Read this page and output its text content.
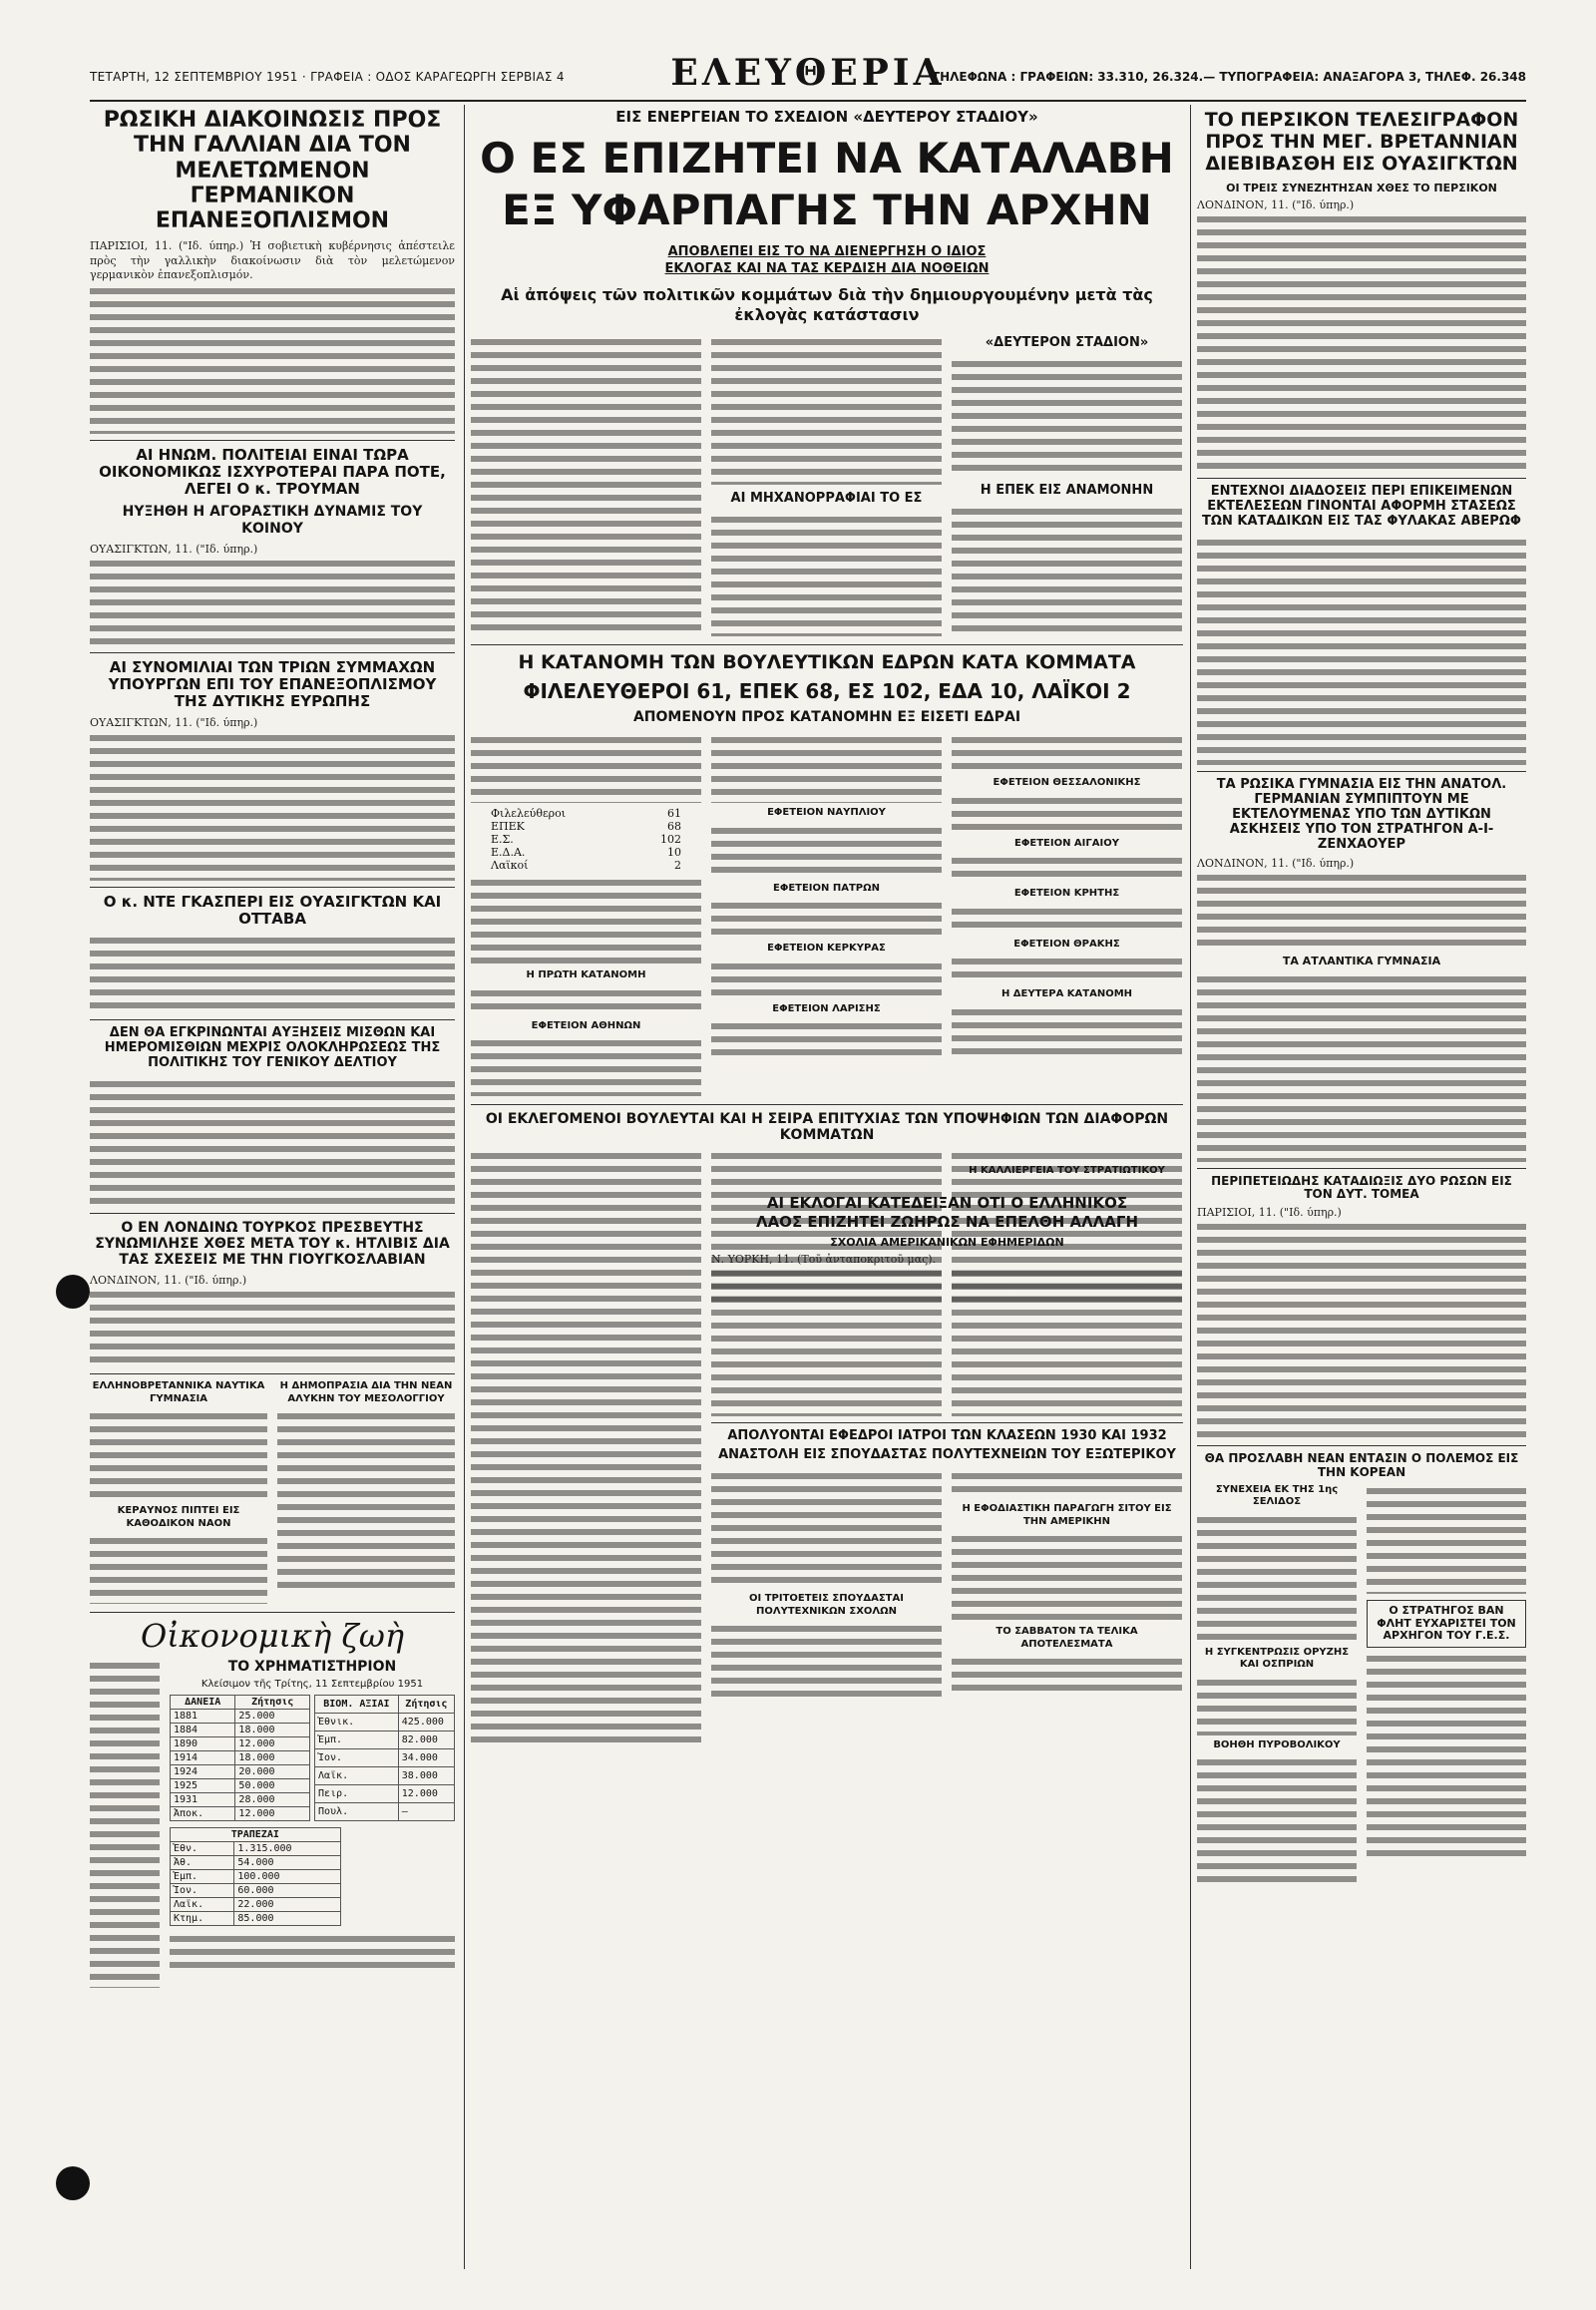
ΤΕΤΑΡΤΗ, 12 ΣΕΠΤΕΜΒΡΙΟΥ 1951 · ΓΡΑΦΕΙΑ : ΟΔΟΣ ΚΑΡΑΓΕΩΡΓΗ ΣΕΡΒΙΑΣ 4	ΕΛΕΥΘΕΡΙΑ
ΤΗΛΕΦΩΝΑ : ΓΡΑΦΕΙΩΝ: 33.310, 26.324.— ΤΥΠΟΓΡΑΦΕΙΑ: ΑΝΑΞΑΓΟΡΑ 3, ΤΗΛΕΦ. 26.348
ΡΩΣΙΚΗ ΔΙΑΚΟΙΝΩΣΙΣ ΠΡΟΣ ΤΗΝ ΓΑΛΛΙΑΝ ΔΙΑ ΤΟΝ ΜΕΛΕΤΩΜΕΝΟΝ ΓΕΡΜΑΝΙΚΟΝ ΕΠΑΝΕΞΟΠΛΙΣΜΟΝ

ΠΑΡΙΣΙΟΙ, 11. ("Ιδ. ύπηρ.) Ἡ σοβιετικὴ κυβέρνησις ἀπέστειλε πρὸς τὴν γαλλικὴν διακοίνωσιν διὰ τὸν μελετώμενον γερμανικὸν ἐπανεξοπλισμόν.

ΑΙ ΗΝΩΜ. ΠΟΛΙΤΕΙΑΙ ΕΙΝΑΙ ΤΩΡΑ ΟΙΚΟΝΟΜΙΚΩΣ ΙΣΧΥΡΟΤΕΡΑΙ ΠΑΡΑ ΠΟΤΕ, ΛΕΓΕΙ Ο κ. ΤΡΟΥΜΑΝ
ΗΥΞΗΘΗ Η ΑΓΟΡΑΣΤΙΚΗ ΔΥΝΑΜΙΣ ΤΟΥ ΚΟΙΝΟΥ

ΟΥΑΣΙΓΚΤΩΝ, 11. ("Ιδ. ύπηρ.)

ΑΙ ΣΥΝΟΜΙΛΙΑΙ ΤΩΝ ΤΡΙΩΝ ΣΥΜΜΑΧΩΝ ΥΠΟΥΡΓΩΝ ΕΠΙ ΤΟΥ ΕΠΑΝΕΞΟΠΛΙΣΜΟΥ ΤΗΣ ΔΥΤΙΚΗΣ ΕΥΡΩΠΗΣ

ΟΥΑΣΙΓΚΤΩΝ, 11. ("Ιδ. ύπηρ.)

Ο κ. ΝΤΕ ΓΚΑΣΠΕΡΙ ΕΙΣ ΟΥΑΣΙΓΚΤΩΝ ΚΑΙ ΟΤΤΑΒΑ
ΔΕΝ ΘΑ ΕΓΚΡΙΝΩΝΤΑΙ ΑΥΞΗΣΕΙΣ ΜΙΣΘΩΝ ΚΑΙ ΗΜΕΡΟΜΙΣΘΙΩΝ ΜΕΧΡΙΣ ΟΛΟΚΛΗΡΩΣΕΩΣ ΤΗΣ ΠΟΛΙΤΙΚΗΣ ΤΟΥ ΓΕΝΙΚΟΥ ΔΕΛΤΙΟΥ
Ο ΕΝ ΛΟΝΔΙΝΩ ΤΟΥΡΚΟΣ ΠΡΕΣΒΕΥΤΗΣ ΣΥΝΩΜΙΛΗΣΕ ΧΘΕΣ ΜΕΤΑ ΤΟΥ κ. ΗΤΛΙΒΙΣ ΔΙΑ ΤΑΣ ΣΧΕΣΕΙΣ ΜΕ ΤΗΝ ΓΙΟΥΓΚΟΣΛΑΒΙΑΝ

ΛΟΝΔΙΝΟΝ, 11. ("Ιδ. ύπηρ.)

ΕΛΛΗΝΟΒΡΕΤΑΝΝΙΚΑ ΝΑΥΤΙΚΑ ΓΥΜΝΑΣΙΑ
ΚΕΡΑΥΝΟΣ ΠΙΠΤΕΙ ΕΙΣ ΚΑΘΟΔΙΚΟΝ ΝΑΟΝ
Η ΔΗΜΟΠΡΑΣΙΑ ΔΙΑ ΤΗΝ ΝΕΑΝ ΑΛΥΚΗΝ ΤΟΥ ΜΕΣΟΛΟΓΓΙΟΥ
Οἰκονομικὴ ζωὴ
ΤΟ ΧΡΗΜΑΤΙΣΤΗΡΙΟΝ
Κλείσιμον τῆς Τρίτης, 11 Σεπτεμβρίου 1951
ΔΑΝΕΙΑ	Ζήτησις
1881	25.000
1884	18.000
1890	12.000
1914	18.000
1924	20.000
1925	50.000
1931	28.000
Ἀποκ.	12.000
ΒΙΟΜ. ΑΞΙΑΙ	Ζήτησις
Ἐθνικ.	425.000
Ἐμπ.	82.000
Ἰον.	34.000
Λαϊκ.	38.000
Πειρ.	12.000
Πουλ.	—
ΤΡΑΠΕΖΑΙ	
Ἐθν.	1.315.000
Ἀθ.	54.000
Ἐμπ.	100.000
Ἰον.	60.000
Λαϊκ.	22.000
Κτημ.	85.000
ΕΙΣ ΕΝΕΡΓΕΙΑΝ ΤΟ ΣΧΕΔΙΟΝ «ΔΕΥΤΕΡΟΥ ΣΤΑΔΙΟΥ»
Ο ΕΣ ΕΠΙΖΗΤΕΙ ΝΑ ΚΑΤΑΛΑΒΗ
ΕΞ ΥΦΑΡΠΑΓΗΣ ΤΗΝ ΑΡΧΗΝ
ΑΠΟΒΛΕΠΕΙ ΕΙΣ ΤΟ ΝΑ ΔΙΕΝΕΡΓΗΣΗ Ο ΙΔΙΟΣ
ΕΚΛΟΓΑΣ ΚΑΙ ΝΑ ΤΑΣ ΚΕΡΔΙΣΗ ΔΙΑ ΝΟΘΕΙΩΝ
Αἱ ἀπόψεις τῶν πολιτικῶν κομμάτων διὰ τὴν δημιουργουμένην μετὰ τὰς ἐκλογὰς κατάστασιν
ΑΙ ΜΗΧΑΝΟΡΡΑΦΙΑΙ ΤΟ ΕΣ
«ΔΕΥΤΕΡΟΝ ΣΤΑΔΙΟΝ»
Η ΕΠΕΚ ΕΙΣ ΑΝΑΜΟΝΗΝ
Η ΚΑΤΑΝΟΜΗ ΤΩΝ ΒΟΥΛΕΥΤΙΚΩΝ ΕΔΡΩΝ ΚΑΤΑ ΚΟΜΜΑΤΑ
ΦΙΛΕΛΕΥΘΕΡΟΙ 61, ΕΠΕΚ 68, ΕΣ 102, ΕΔΑ 10, ΛΑΪΚΟΙ 2
ΑΠΟΜΕΝΟΥΝ ΠΡΟΣ ΚΑΤΑΝΟΜΗΝ ΕΞ ΕΙΣΕΤΙ ΕΔΡΑΙ
Φιλελεύθεροι	61
ΕΠΕΚ	68
Ε.Σ.	102
Ε.Δ.Α.	10
Λαϊκοί	2
Η ΠΡΩΤΗ ΚΑΤΑΝΟΜΗ
ΕΦΕΤΕΙΟΝ ΑΘΗΝΩΝ
ΕΦΕΤΕΙΟΝ ΝΑΥΠΛΙΟΥ
ΕΦΕΤΕΙΟΝ ΠΑΤΡΩΝ
ΕΦΕΤΕΙΟΝ ΚΕΡΚΥΡΑΣ
ΕΦΕΤΕΙΟΝ ΛΑΡΙΣΗΣ
ΕΦΕΤΕΙΟΝ ΘΕΣΣΑΛΟΝΙΚΗΣ
ΕΦΕΤΕΙΟΝ ΑΙΓΑΙΟΥ
ΕΦΕΤΕΙΟΝ ΚΡΗΤΗΣ
ΕΦΕΤΕΙΟΝ ΘΡΑΚΗΣ
Η ΔΕΥΤΕΡΑ ΚΑΤΑΝΟΜΗ
ΟΙ ΕΚΛΕΓΟΜΕΝΟΙ ΒΟΥΛΕΥΤΑΙ ΚΑΙ Η ΣΕΙΡΑ ΕΠΙΤΥΧΙΑΣ ΤΩΝ ΥΠΟΨΗΦΙΩΝ ΤΩΝ ΔΙΑΦΟΡΩΝ ΚΟΜΜΑΤΩΝ
ΑΙ ΕΚΛΟΓΑΙ ΚΑΤΕΔΕΙΞΑΝ ΟΤΙ Ο ΕΛΛΗΝΙΚΟΣ
ΛΑΟΣ ΕΠΙΖΗΤΕΙ ΖΩΗΡΩΣ ΝΑ ΕΠΕΛΘΗ ΑΛΛΑΓΗ
ΣΧΟΛΙΑ ΑΜΕΡΙΚΑΝΙΚΩΝ ΕΦΗΜΕΡΙΔΩΝ

Ν. ΥΟΡΚΗ, 11. (Τοῦ ἀνταποκριτοῦ μας).

ΑΠΟΛΥΟΝΤΑΙ ΕΦΕΔΡΟΙ ΙΑΤΡΟΙ ΤΩΝ ΚΛΑΣΕΩΝ 1930 ΚΑΙ 1932
ΑΝΑΣΤΟΛΗ ΕΙΣ ΣΠΟΥΔΑΣΤΑΣ ΠΟΛΥΤΕΧΝΕΙΩΝ ΤΟΥ ΕΞΩΤΕΡΙΚΟΥ
ΟΙ ΤΡΙΤΟΕΤΕΙΣ ΣΠΟΥΔΑΣΤΑΙ ΠΟΛΥΤΕΧΝΙΚΩΝ ΣΧΟΛΩΝ
Η ΕΦΟΔΙΑΣΤΙΚΗ ΠΑΡΑΓΩΓΗ ΣΙΤΟΥ ΕΙΣ ΤΗΝ ΑΜΕΡΙΚΗΝ
ΤΟ ΣΑΒΒΑΤΟΝ ΤΑ ΤΕΛΙΚΑ ΑΠΟΤΕΛΕΣΜΑΤΑ
Η ΚΑΛΛΙΕΡΓΕΙΑ ΤΟΥ ΣΤΡΑΤΙΩΤΙΚΟΥ
ΤΟ ΠΕΡΣΙΚΟΝ ΤΕΛΕΣΙΓΡΑΦΟΝ ΠΡΟΣ ΤΗΝ ΜΕΓ. ΒΡΕΤΑΝΝΙΑΝ ΔΙΕΒΙΒΑΣΘΗ ΕΙΣ ΟΥΑΣΙΓΚΤΩΝ
ΟΙ ΤΡΕΙΣ ΣΥΝΕΖΗΤΗΣΑΝ ΧΘΕΣ ΤΟ ΠΕΡΣΙΚΟΝ

ΛΟΝΔΙΝΟΝ, 11. ("Ιδ. ύπηρ.)

ΕΝΤΕΧΝΟΙ ΔΙΑΔΟΣΕΙΣ ΠΕΡΙ ΕΠΙΚΕΙΜΕΝΩΝ ΕΚΤΕΛΕΣΕΩΝ ΓΙΝΟΝΤΑΙ ΑΦΟΡΜΗ ΣΤΑΣΕΩΣ ΤΩΝ ΚΑΤΑΔΙΚΩΝ ΕΙΣ ΤΑΣ ΦΥΛΑΚΑΣ ΑΒΕΡΩΦ
ΤΑ ΡΩΣΙΚΑ ΓΥΜΝΑΣΙΑ ΕΙΣ ΤΗΝ ΑΝΑΤΟΛ. ΓΕΡΜΑΝΙΑΝ ΣΥΜΠΙΠΤΟΥΝ ΜΕ ΕΚΤΕΛΟΥΜΕΝΑΣ ΥΠΟ ΤΩΝ ΔΥΤΙΚΩΝ ΑΣΚΗΣΕΙΣ ΥΠΟ ΤΟΝ ΣΤΡΑΤΗΓΟΝ Α-Ι-ΖΕΝΧΑΟΥΕΡ

ΛΟΝΔΙΝΟΝ, 11. ("Ιδ. ύπηρ.)

ΤΑ ΑΤΛΑΝΤΙΚΑ ΓΥΜΝΑΣΙΑ
ΠΕΡΙΠΕΤΕΙΩΔΗΣ ΚΑΤΑΔΙΩΞΙΣ ΔΥΟ ΡΩΣΩΝ ΕΙΣ ΤΟΝ ΔΥΤ. ΤΟΜΕΑ

ΠΑΡΙΣΙΟΙ, 11. ("Ιδ. ύπηρ.)

ΘΑ ΠΡΟΣΛΑΒΗ ΝΕΑΝ ΕΝΤΑΣΙΝ Ο ΠΟΛΕΜΟΣ ΕΙΣ ΤΗΝ ΚΟΡΕΑΝ
ΣΥΝΕΧΕΙΑ ΕΚ ΤΗΣ 1ης ΣΕΛΙΔΟΣ
Η ΣΥΓΚΕΝΤΡΩΣΙΣ ΟΡΥΖΗΣ ΚΑΙ ΟΣΠΡΙΩΝ
ΒΟΗΘΗ ΠΥΡΟΒΟΛΙΚΟΥ
Ο ΣΤΡΑΤΗΓΟΣ ΒΑΝ ΦΛΗΤ ΕΥΧΑΡΙΣΤΕΙ ΤΟΝ ΑΡΧΗΓΟΝ ΤΟΥ Γ.Ε.Σ.
